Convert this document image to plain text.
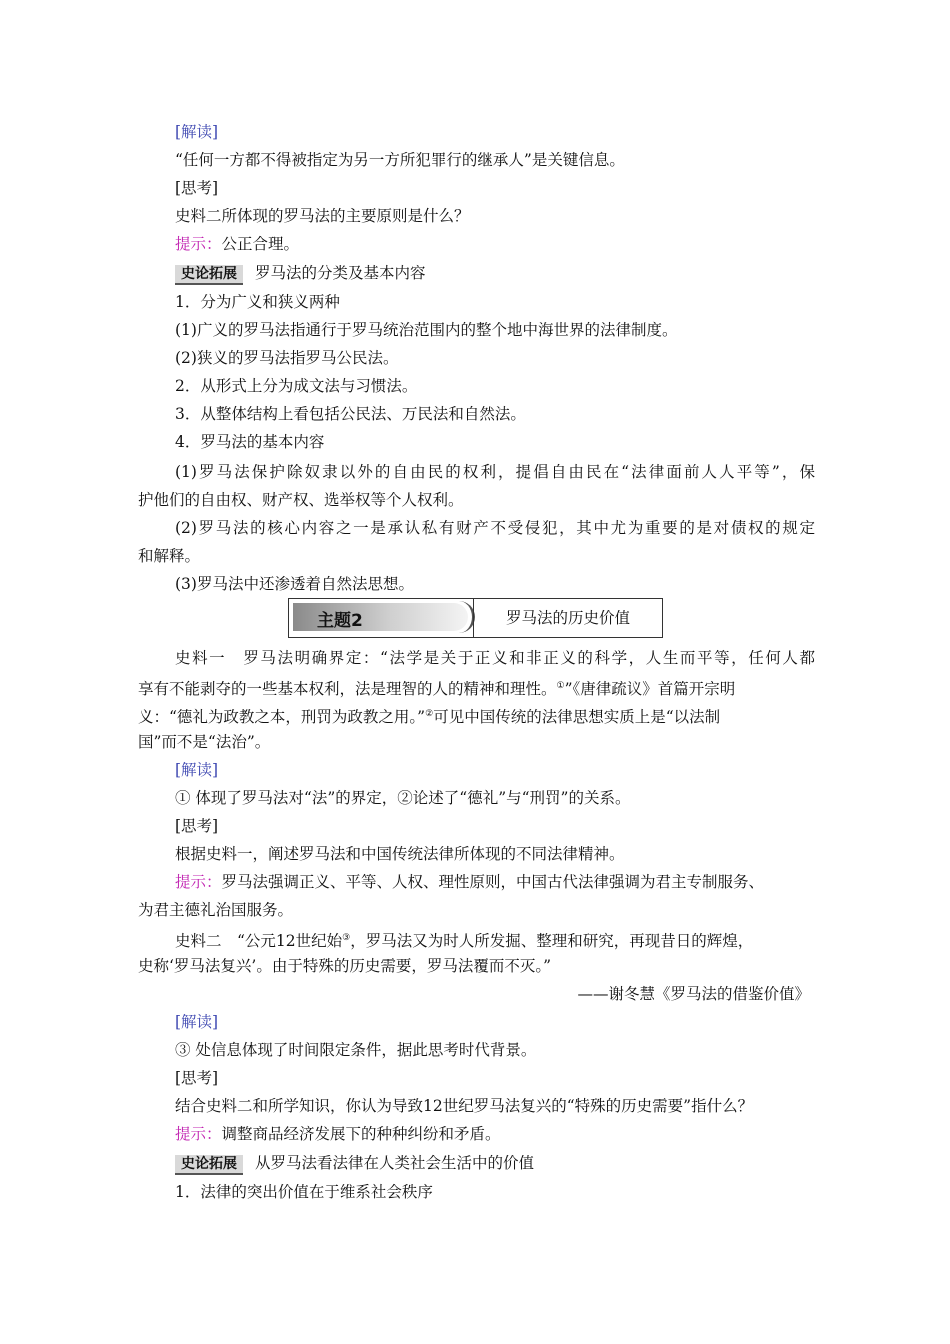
[解读]
“任何一方都不得被指定为另一方所犯罪行的继承人”是关键信息。
[思考]
史料二所体现的罗马法的主要原则是什么？
提示：公正合理。
史论拓展 罗马法的分类及基本内容
1．分为广义和狭义两种
(1)广义的罗马法指通行于罗马统治范围内的整个地中海世界的法律制度。
(2)狭义的罗马法指罗马公民法。
2．从形式上分为成文法与习惯法。
3．从整体结构上看包括公民法、万民法和自然法。
4．罗马法的基本内容
(1)罗马法保护除奴隶以外的自由民的权利，提倡自由民在“法律面前人人平等”，保
护他们的自由权、财产权、选举权等个人权利。
(2)罗马法的核心内容之一是承认私有财产不受侵犯，其中尤为重要的是对债权的规定
和解释。
(3)罗马法中还渗透着自然法思想。
主题2	罗马法的历史价值
史料一　罗马法明确界定：“法学是关于正义和非正义的科学，人生而平等，任何人都
享有不能剥夺的一些基本权利，法是理智的人的精神和理性。①”《唐律疏议》首篇开宗明
义：“德礼为政教之本，刑罚为政教之用。”②可见中国传统的法律思想实质上是“以法制
国”而不是“法治”。
[解读]
① 体现了罗马法对“法”的界定，②论述了“德礼”与“刑罚”的关系。
[思考]
根据史料一，阐述罗马法和中国传统法律所体现的不同法律精神。
提示：罗马法强调正义、平等、人权、理性原则，中国古代法律强调为君主专制服务、
为君主德礼治国服务。
史料二　“公元12世纪始③，罗马法又为时人所发掘、整理和研究，再现昔日的辉煌，
史称‘罗马法复兴’。由于特殊的历史需要，罗马法覆而不灭。”
——谢冬慧《罗马法的借鉴价值》
[解读]
③ 处信息体现了时间限定条件，据此思考时代背景。
[思考]
结合史料二和所学知识，你认为导致12世纪罗马法复兴的“特殊的历史需要”指什么？
提示：调整商品经济发展下的种种纠纷和矛盾。
史论拓展 从罗马法看法律在人类社会生活中的价值
1．法律的突出价值在于维系社会秩序
